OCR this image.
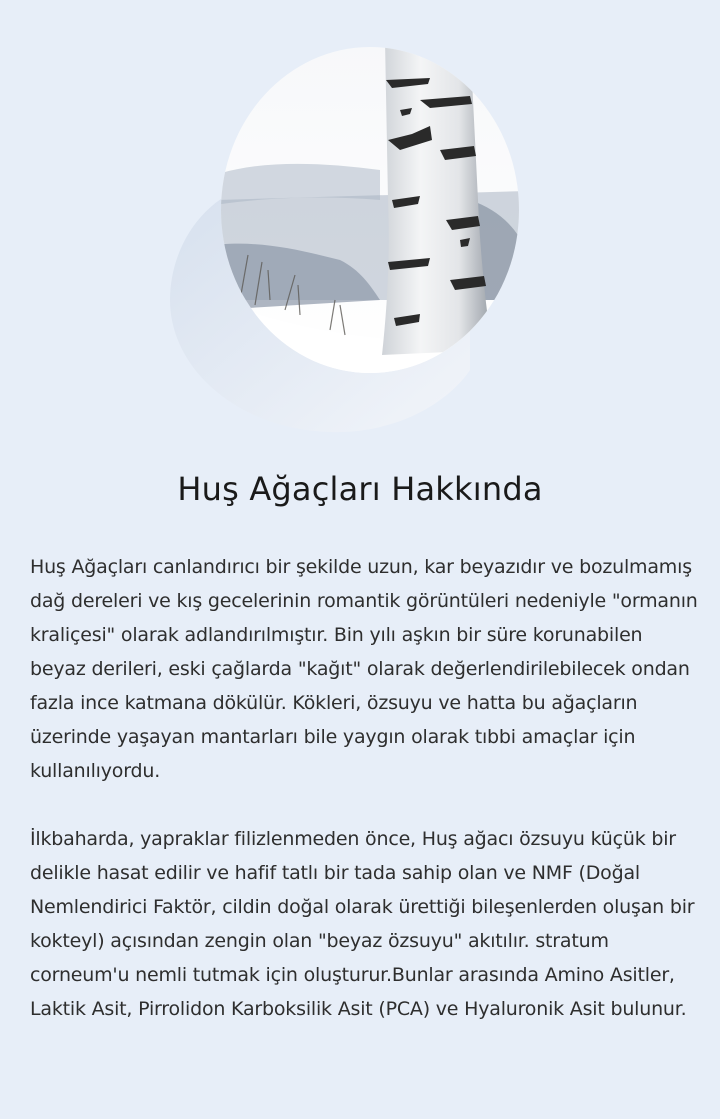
Huş Ağaçları Hakkında

Huş Ağaçları canlandırıcı bir şekilde uzun, kar beyazıdır ve bozulmamış dağ dereleri ve kış gecelerinin romantik görüntüleri nedeniyle "ormanın kraliçesi" olarak adlandırılmıştır. Bin yılı aşkın bir süre korunabilen beyaz derileri, eski çağlarda "kağıt" olarak değerlendirilebilecek ondan fazla ince katmana dökülür. Kökleri, özsuyu ve hatta bu ağaçların üzerinde yaşayan mantarları bile yaygın olarak tıbbi amaçlar için kullanılıyordu.

İlkbaharda, yapraklar filizlenmeden önce, Huş ağacı özsuyu küçük bir delikle hasat edilir ve hafif tatlı bir tada sahip olan ve NMF (Doğal Nemlendirici Faktör, cildin doğal olarak ürettiği bileşenlerden oluşan bir kokteyl) açısından zengin olan "beyaz özsuyu" akıtılır. stratum corneum'u nemli tutmak için oluşturur.Bunlar arasında Amino Asitler, Laktik Asit, Pirrolidon Karboksilik Asit (PCA) ve Hyaluronik Asit bulunur.
